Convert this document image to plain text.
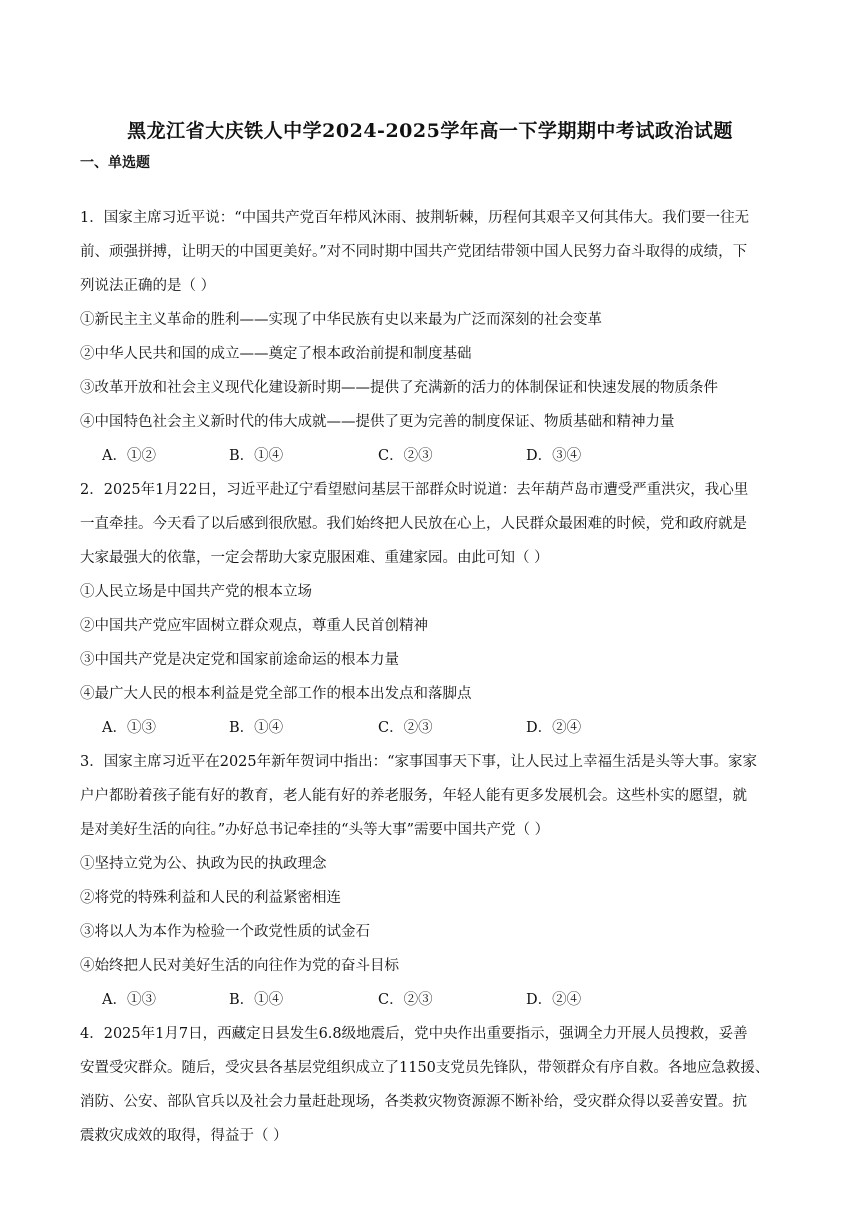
黑龙江省大庆铁人中学2024-2025学年高一下学期期中考试政治试题
一、单选题
1．国家主席习近平说：“中国共产党百年栉风沐雨、披荆斩棘，历程何其艰辛又何其伟大。我们要一往无
前、顽强拼搏，让明天的中国更美好。”对不同时期中国共产党团结带领中国人民努力奋斗取得的成绩，下
列说法正确的是（ ）
①新民主主义革命的胜利——实现了中华民族有史以来最为广泛而深刻的社会变革
②中华人民共和国的成立——奠定了根本政治前提和制度基础
③改革开放和社会主义现代化建设新时期——提供了充满新的活力的体制保证和快速发展的物质条件
④中国特色社会主义新时代的伟大成就——提供了更为完善的制度保证、物质基础和精神力量
A．①②	B．①④	C．②③	D．③④
2．2025年1月22日，习近平赴辽宁看望慰问基层干部群众时说道：去年葫芦岛市遭受严重洪灾，我心里
一直牵挂。今天看了以后感到很欣慰。我们始终把人民放在心上，人民群众最困难的时候，党和政府就是
大家最强大的依靠，一定会帮助大家克服困难、重建家园。由此可知（ ）
①人民立场是中国共产党的根本立场
②中国共产党应牢固树立群众观点，尊重人民首创精神
③中国共产党是决定党和国家前途命运的根本力量
④最广大人民的根本利益是党全部工作的根本出发点和落脚点
A．①③	B．①④	C．②③	D．②④
3．国家主席习近平在2025年新年贺词中指出：“家事国事天下事，让人民过上幸福生活是头等大事。家家
户户都盼着孩子能有好的教育，老人能有好的养老服务，年轻人能有更多发展机会。这些朴实的愿望，就
是对美好生活的向往。”办好总书记牵挂的“头等大事”需要中国共产党（ ）
①坚持立党为公、执政为民的执政理念
②将党的特殊利益和人民的利益紧密相连
③将以人为本作为检验一个政党性质的试金石
④始终把人民对美好生活的向往作为党的奋斗目标
A．①③	B．①④	C．②③	D．②④
4．2025年1月7日，西藏定日县发生6.8级地震后，党中央作出重要指示，强调全力开展人员搜救，妥善
安置受灾群众。随后，受灾县各基层党组织成立了1150支党员先锋队，带领群众有序自救。各地应急救援、
消防、公安、部队官兵以及社会力量赶赴现场，各类救灾物资源源不断补给，受灾群众得以妥善安置。抗
震救灾成效的取得，得益于（ ）
